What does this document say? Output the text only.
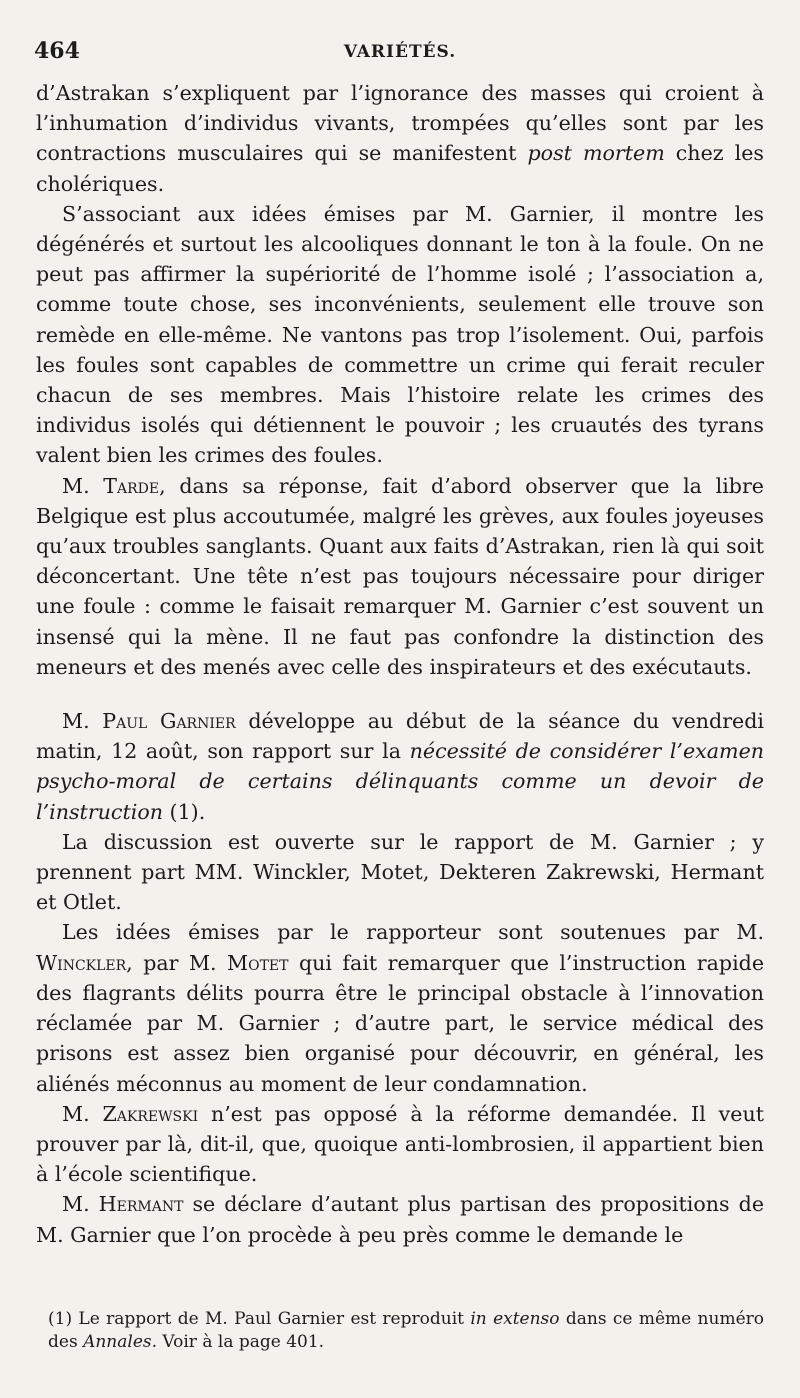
464	VARIÉTÉS.

d’Astrakan s’expliquent par l’ignorance des masses qui croient à l’inhumation d’individus vivants, trompées qu’elles sont par les contractions musculaires qui se manifestent post mortem chez les cholériques.

S’associant aux idées émises par M. Garnier, il montre les dégénérés et surtout les alcooliques donnant le ton à la foule. On ne peut pas affirmer la supériorité de l’homme isolé ; l’association a, comme toute chose, ses inconvénients, seulement elle trouve son remède en elle-même. Ne vantons pas trop l’isolement. Oui, parfois les foules sont capables de commettre un crime qui ferait reculer chacun de ses membres. Mais l’histoire relate les crimes des individus isolés qui détiennent le pouvoir ; les cruautés des tyrans valent bien les crimes des foules.

M. Tarde, dans sa réponse, fait d’abord observer que la libre Belgique est plus accoutumée, malgré les grèves, aux foules joyeuses qu’aux troubles sanglants. Quant aux faits d’Astrakan, rien là qui soit déconcertant. Une tête n’est pas toujours nécessaire pour diriger une foule : comme le faisait remarquer M. Garnier c’est souvent un insensé qui la mène. Il ne faut pas confondre la distinction des meneurs et des menés avec celle des inspirateurs et des exécutauts.

M. Paul Garnier développe au début de la séance du vendredi matin, 12 août, son rapport sur la nécessité de considérer l’examen psycho-moral de certains délinquants comme un devoir de l’instruction (1).

La discussion est ouverte sur le rapport de M. Garnier ; y prennent part MM. Winckler, Motet, Dekteren Zakrewski, Hermant et Otlet.

Les idées émises par le rapporteur sont soutenues par M. Winckler, par M. Motet qui fait remarquer que l’instruction rapide des flagrants délits pourra être le principal obstacle à l’innovation réclamée par M. Garnier ; d’autre part, le service médical des prisons est assez bien organisé pour découvrir, en général, les aliénés méconnus au moment de leur condamnation.

M. Zakrewski n’est pas opposé à la réforme demandée. Il veut prouver par là, dit-il, que, quoique anti-lombrosien, il appartient bien à l’école scientifique.

M. Hermant se déclare d’autant plus partisan des propositions de M. Garnier que l’on procède à peu près comme le demande le

(1) Le rapport de M. Paul Garnier est reproduit in extenso dans ce même numéro des Annales. Voir à la page 401.
